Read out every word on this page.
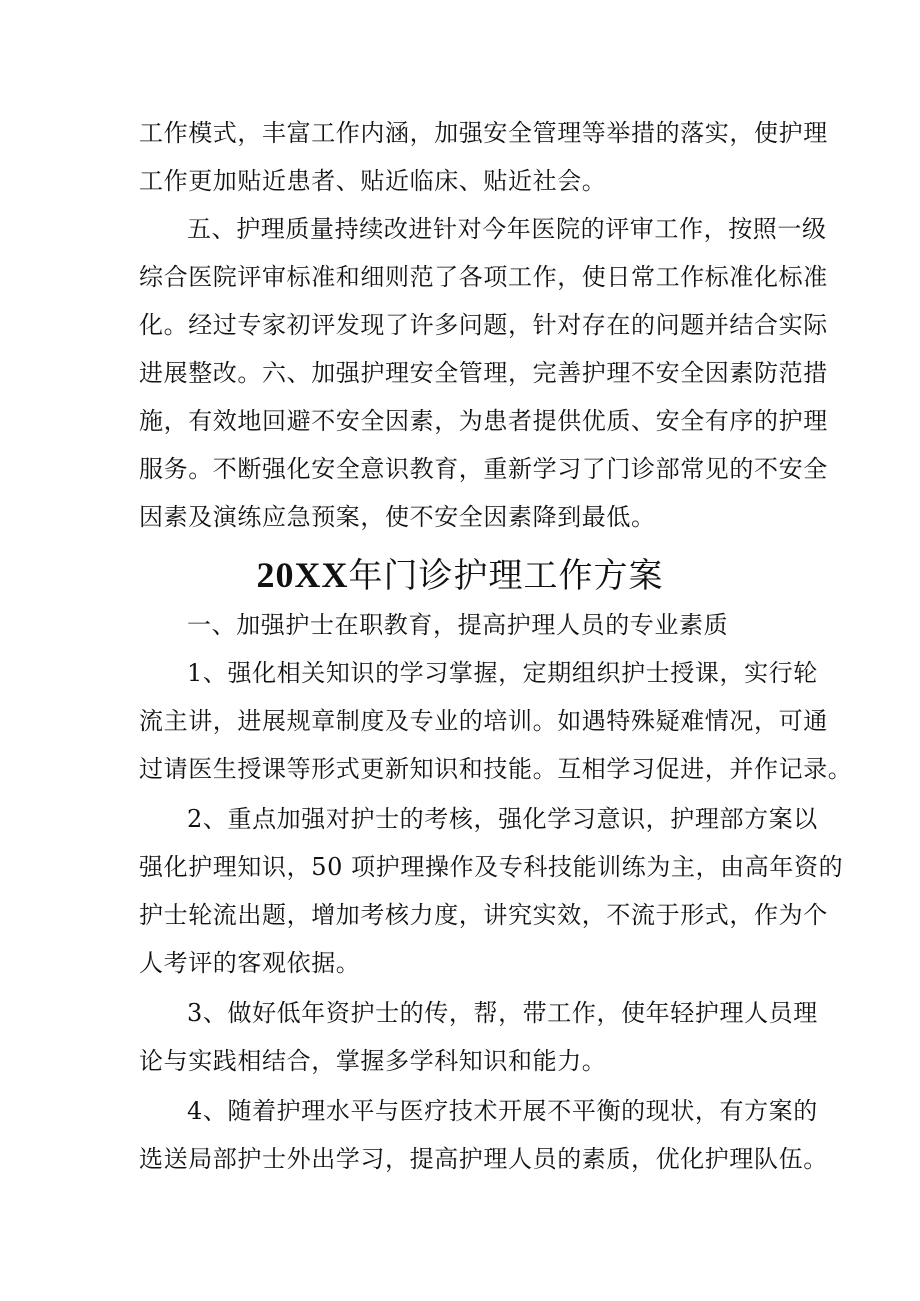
工作模式，丰富工作内涵，加强安全管理等举措的落实，使护理
工作更加贴近患者、贴近临床、贴近社会。
五、护理质量持续改进针对今年医院的评审工作，按照一级
综合医院评审标准和细则范了各项工作，使日常工作标准化标准
化。经过专家初评发现了许多问题，针对存在的问题并结合实际
进展整改。六、加强护理安全管理，完善护理不安全因素防范措
施，有效地回避不安全因素，为患者提供优质、安全有序的护理
服务。不断强化安全意识教育，重新学习了门诊部常见的不安全
因素及演练应急预案，使不安全因素降到最低。
20XX年门诊护理工作方案
一、加强护士在职教育，提高护理人员的专业素质
1、强化相关知识的学习掌握，定期组织护士授课，实行轮
流主讲，进展规章制度及专业的培训。如遇特殊疑难情况，可通
过请医生授课等形式更新知识和技能。互相学习促进，并作记录。
2、重点加强对护士的考核，强化学习意识，护理部方案以
强化护理知识，50 项护理操作及专科技能训练为主，由高年资的
护士轮流出题，增加考核力度，讲究实效，不流于形式，作为个
人考评的客观依据。
3、做好低年资护士的传，帮，带工作，使年轻护理人员理
论与实践相结合，掌握多学科知识和能力。
4、随着护理水平与医疗技术开展不平衡的现状，有方案的
选送局部护士外出学习，提高护理人员的素质，优化护理队伍。
